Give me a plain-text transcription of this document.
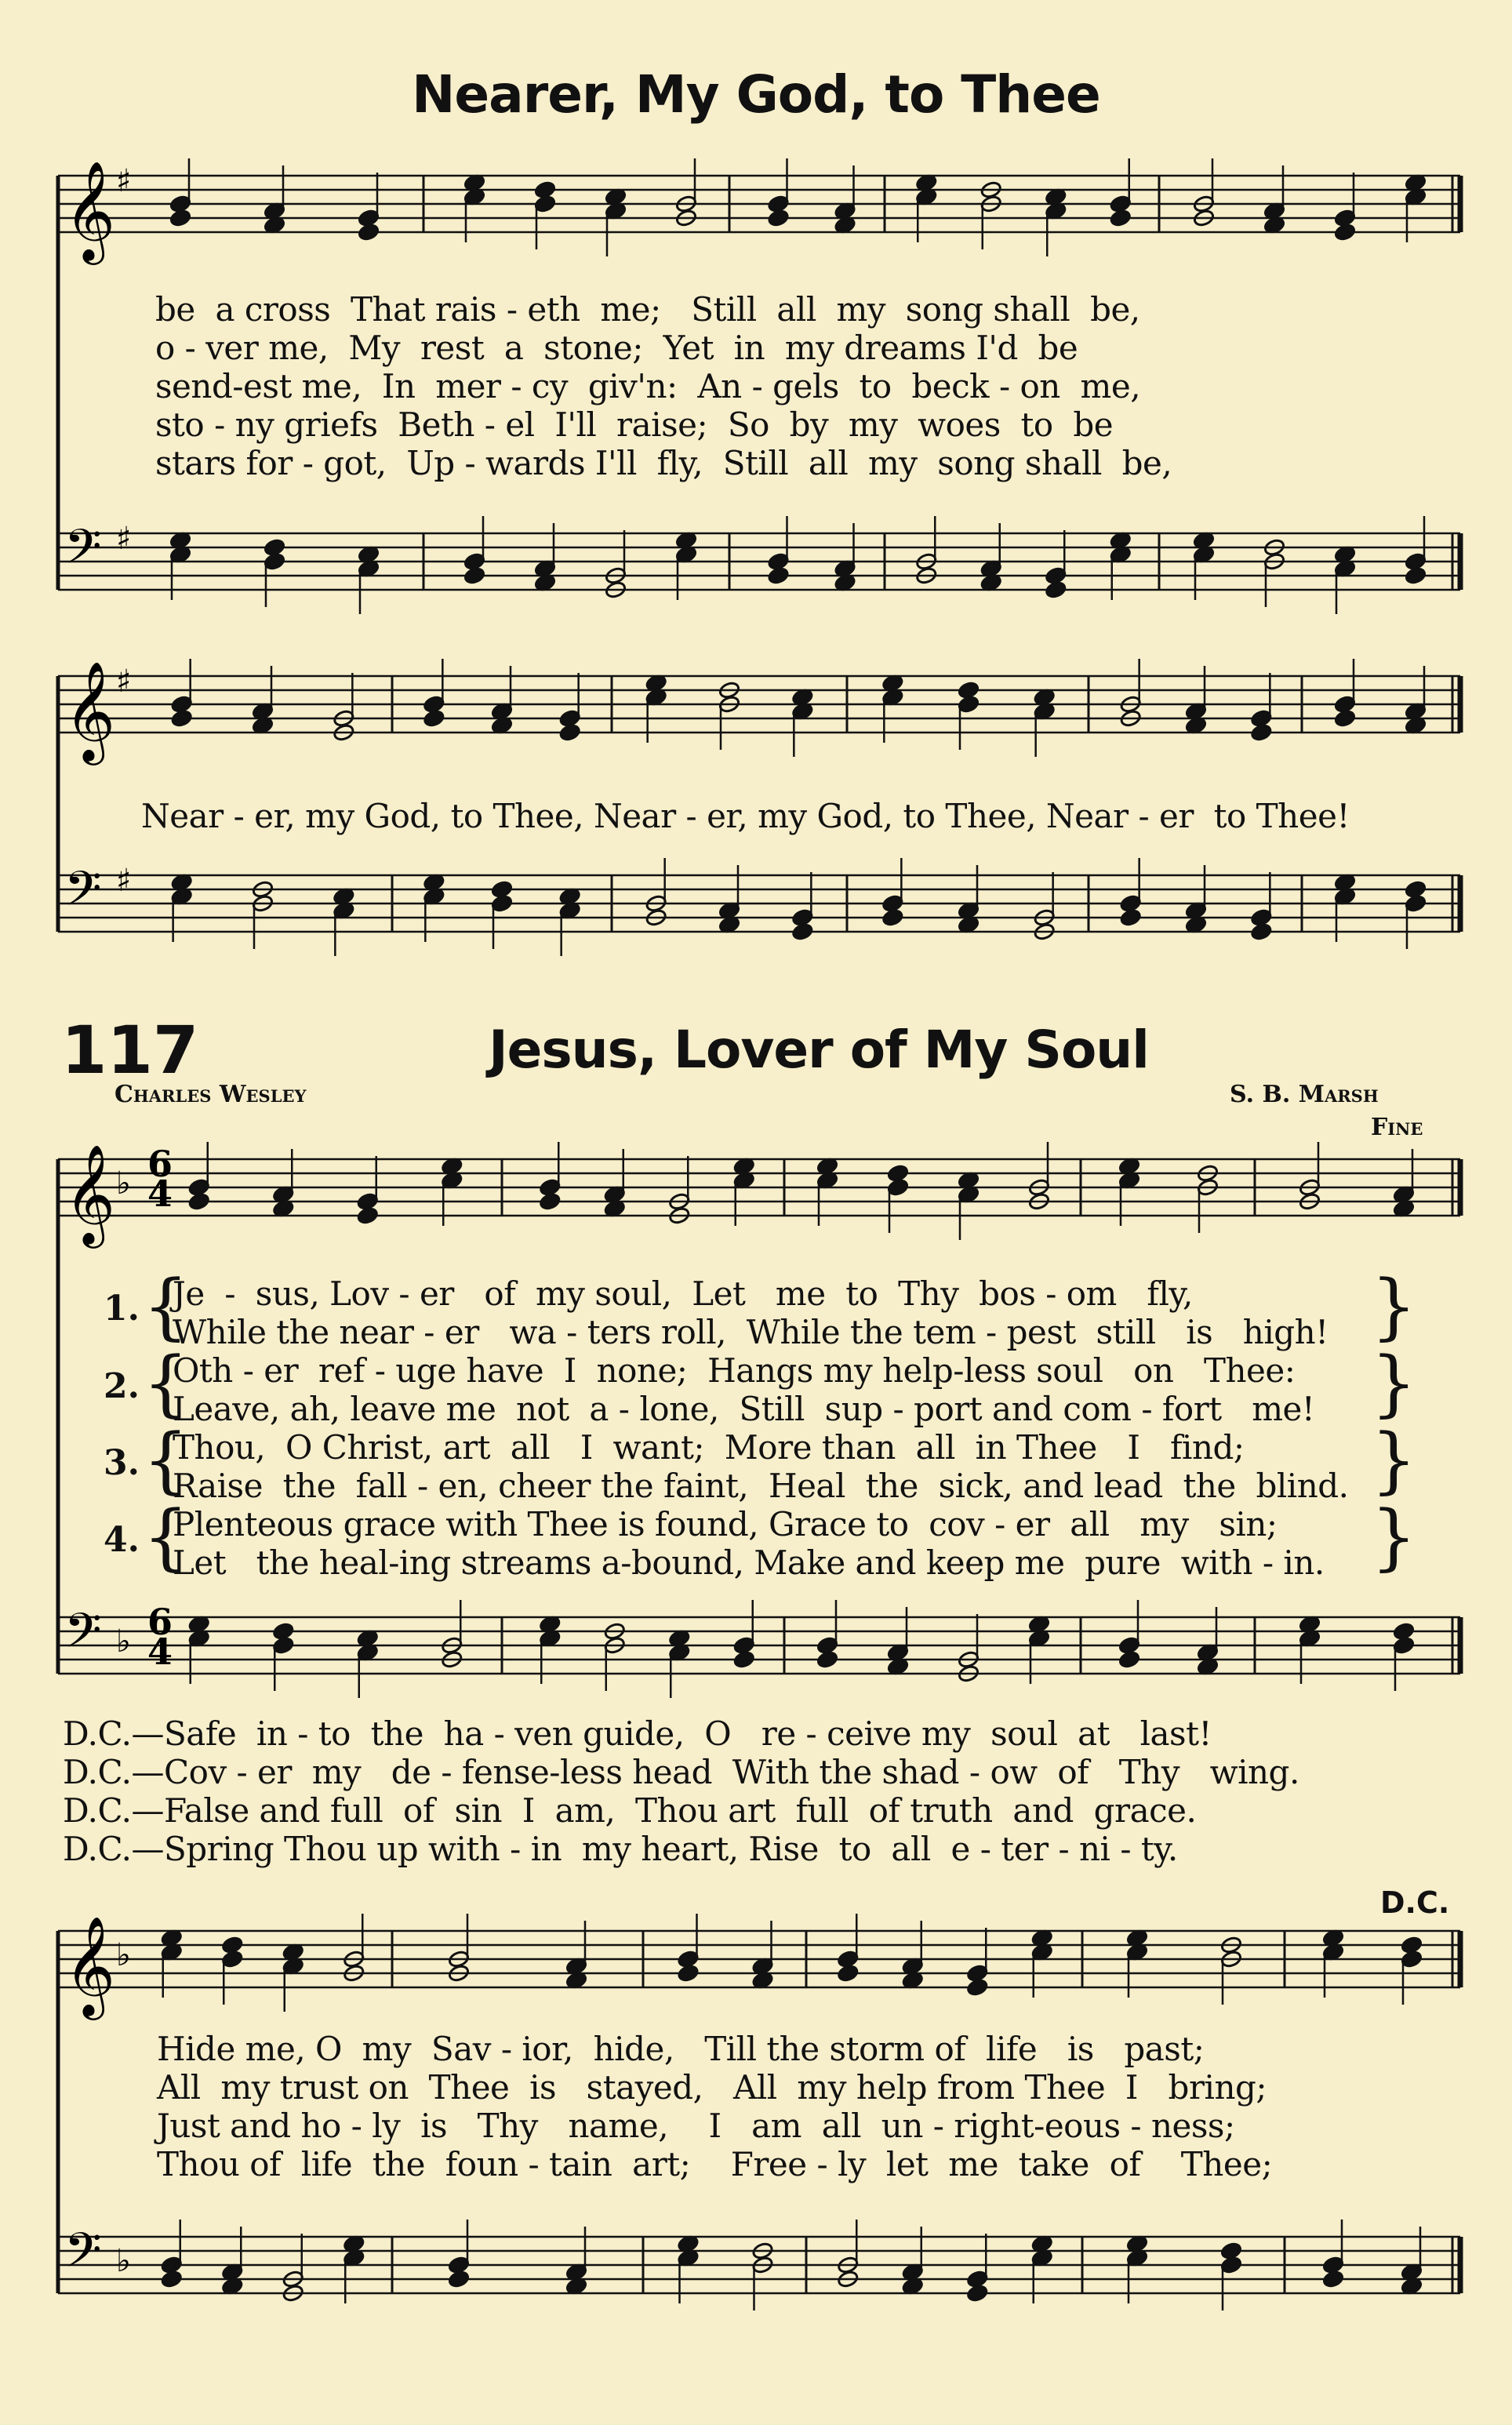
Nearer, My God, to Thee
𝄞 ♯
𝄢 ♯
𝄞 ♯
𝄢 ♯
𝄞 ♭
𝄢 ♭
6
6
4
4
𝄞 ♭
𝄢 ♭
be  a cross  That rais - eth  me;   Still  all  my  song shall  be,
o - ver me,  My  rest  a  stone;  Yet  in  my dreams I'd  be
send-est me,  In  mer - cy  giv'n:  An - gels  to  beck - on  me,
sto - ny griefs  Beth - el  I'll  raise;  So  by  my  woes  to  be
stars for - got,  Up - wards I'll  fly,  Still  all  my  song shall  be,
Near - er, my God, to Thee, Near - er, my God, to Thee, Near - er  to Thee!
117	Jesus, Lover of My Soul
Charles Wesley	S. B. Marsh
Fine
1.
2.
3.
4.
{
{
{
{
}
}
}
}
Je  -  sus, Lov - er   of  my soul,  Let   me  to  Thy  bos - om   fly,
While the near - er   wa - ters roll,  While the tem - pest  still   is   high!
Oth - er  ref - uge have  I  none;  Hangs my help-less soul   on   Thee:
Leave, ah, leave me  not  a - lone,  Still  sup - port and com - fort   me!
Thou,  O Christ, art  all   I  want;  More than  all  in Thee   I   find;
Raise  the  fall - en, cheer the faint,  Heal  the  sick, and lead  the  blind.
Plenteous grace with Thee is found, Grace to  cov - er  all   my   sin;
Let   the heal-ing streams a-bound, Make and keep me  pure  with - in.
D.C.—Safe  in - to  the  ha - ven guide,  O   re - ceive my  soul  at   last!
D.C.—Cov - er  my   de - fense-less head  With the shad - ow  of   Thy   wing.
D.C.—False and full  of  sin  I  am,  Thou art  full  of truth  and  grace.
D.C.—Spring Thou up with - in  my heart, Rise  to  all  e - ter - ni - ty.
D.C.
Hide me, O  my  Sav - ior,  hide,   Till the storm of  life   is   past;
All  my trust on  Thee  is   stayed,   All  my help from Thee  I   bring;
Just and ho - ly  is   Thy   name,    I   am  all  un - right-eous - ness;
Thou of  life  the  foun - tain  art;    Free - ly  let  me  take  of    Thee;
